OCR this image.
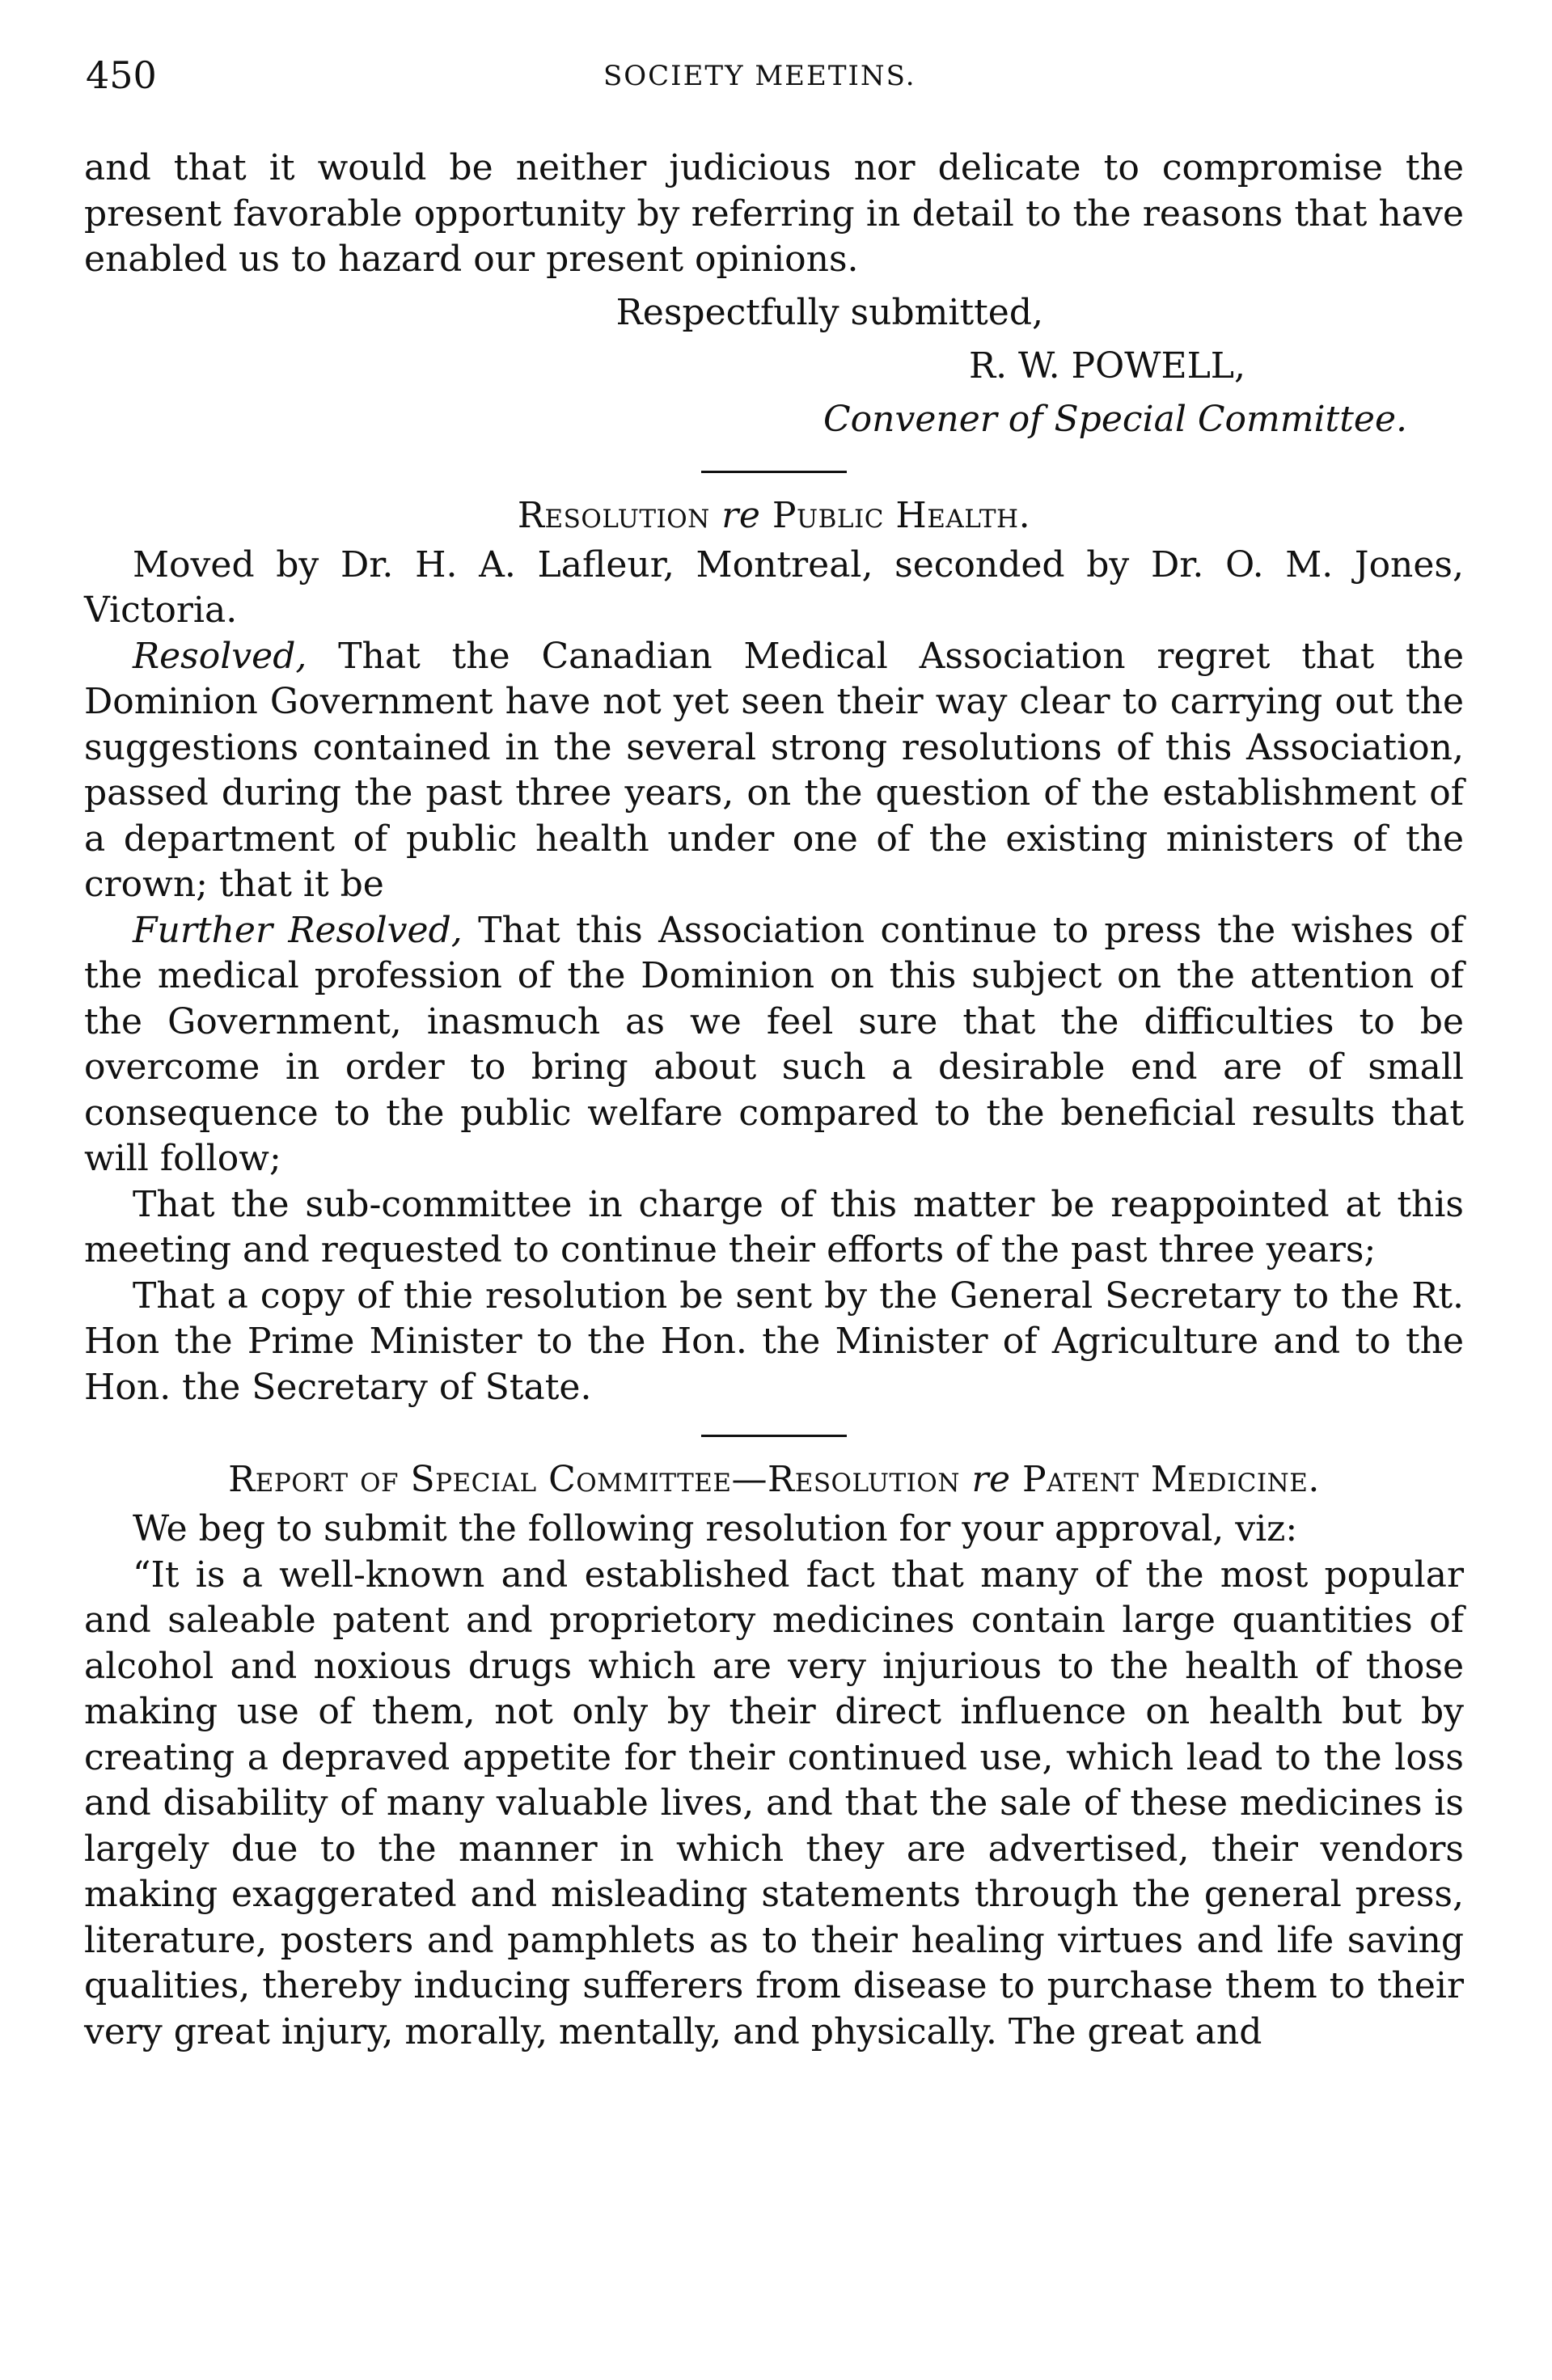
450	SOCIETY MEETINS.

and that it would be neither judicious nor delicate to compromise the present favorable opportunity by referring in detail to the reasons that have enabled us to hazard our present opinions.

Respectfully submitted,
R. W. POWELL,
Convener of Special Committee.
Resolution re Public Health.

Moved by Dr. H. A. Lafleur, Montreal, seconded by Dr. O. M. Jones, Victoria.

Resolved, That the Canadian Medical Association regret that the Dominion Government have not yet seen their way clear to carrying out the suggestions contained in the several strong resolutions of this Association, passed during the past three years, on the question of the establishment of a department of public health under one of the existing ministers of the crown; that it be

Further Resolved, That this Association continue to press the wishes of the medical profession of the Dominion on this subject on the attention of the Government, inasmuch as we feel sure that the difficulties to be overcome in order to bring about such a desirable end are of small consequence to the public welfare compared to the beneficial results that will follow;

That the sub-committee in charge of this matter be reappointed at this meeting and requested to continue their efforts of the past three years;

That a copy of thie resolution be sent by the General Secretary to the Rt. Hon the Prime Minister to the Hon. the Minister of Agriculture and to the Hon. the Secretary of State.

Report of Special Committee—Resolution re Patent Medicine.

We beg to submit the following resolution for your approval, viz:

“It is a well-known and established fact that many of the most popular and saleable patent and proprietory medicines contain large quantities of alcohol and noxious drugs which are very injurious to the health of those making use of them, not only by their direct influence on health but by creating a depraved appetite for their continued use, which lead to the loss and disability of many valuable lives, and that the sale of these medicines is largely due to the manner in which they are advertised, their vendors making exaggerated and misleading statements through the general press, literature, posters and pamphlets as to their healing virtues and life saving qualities, thereby inducing sufferers from disease to purchase them to their very great injury, morally, mentally, and physically. The great and
